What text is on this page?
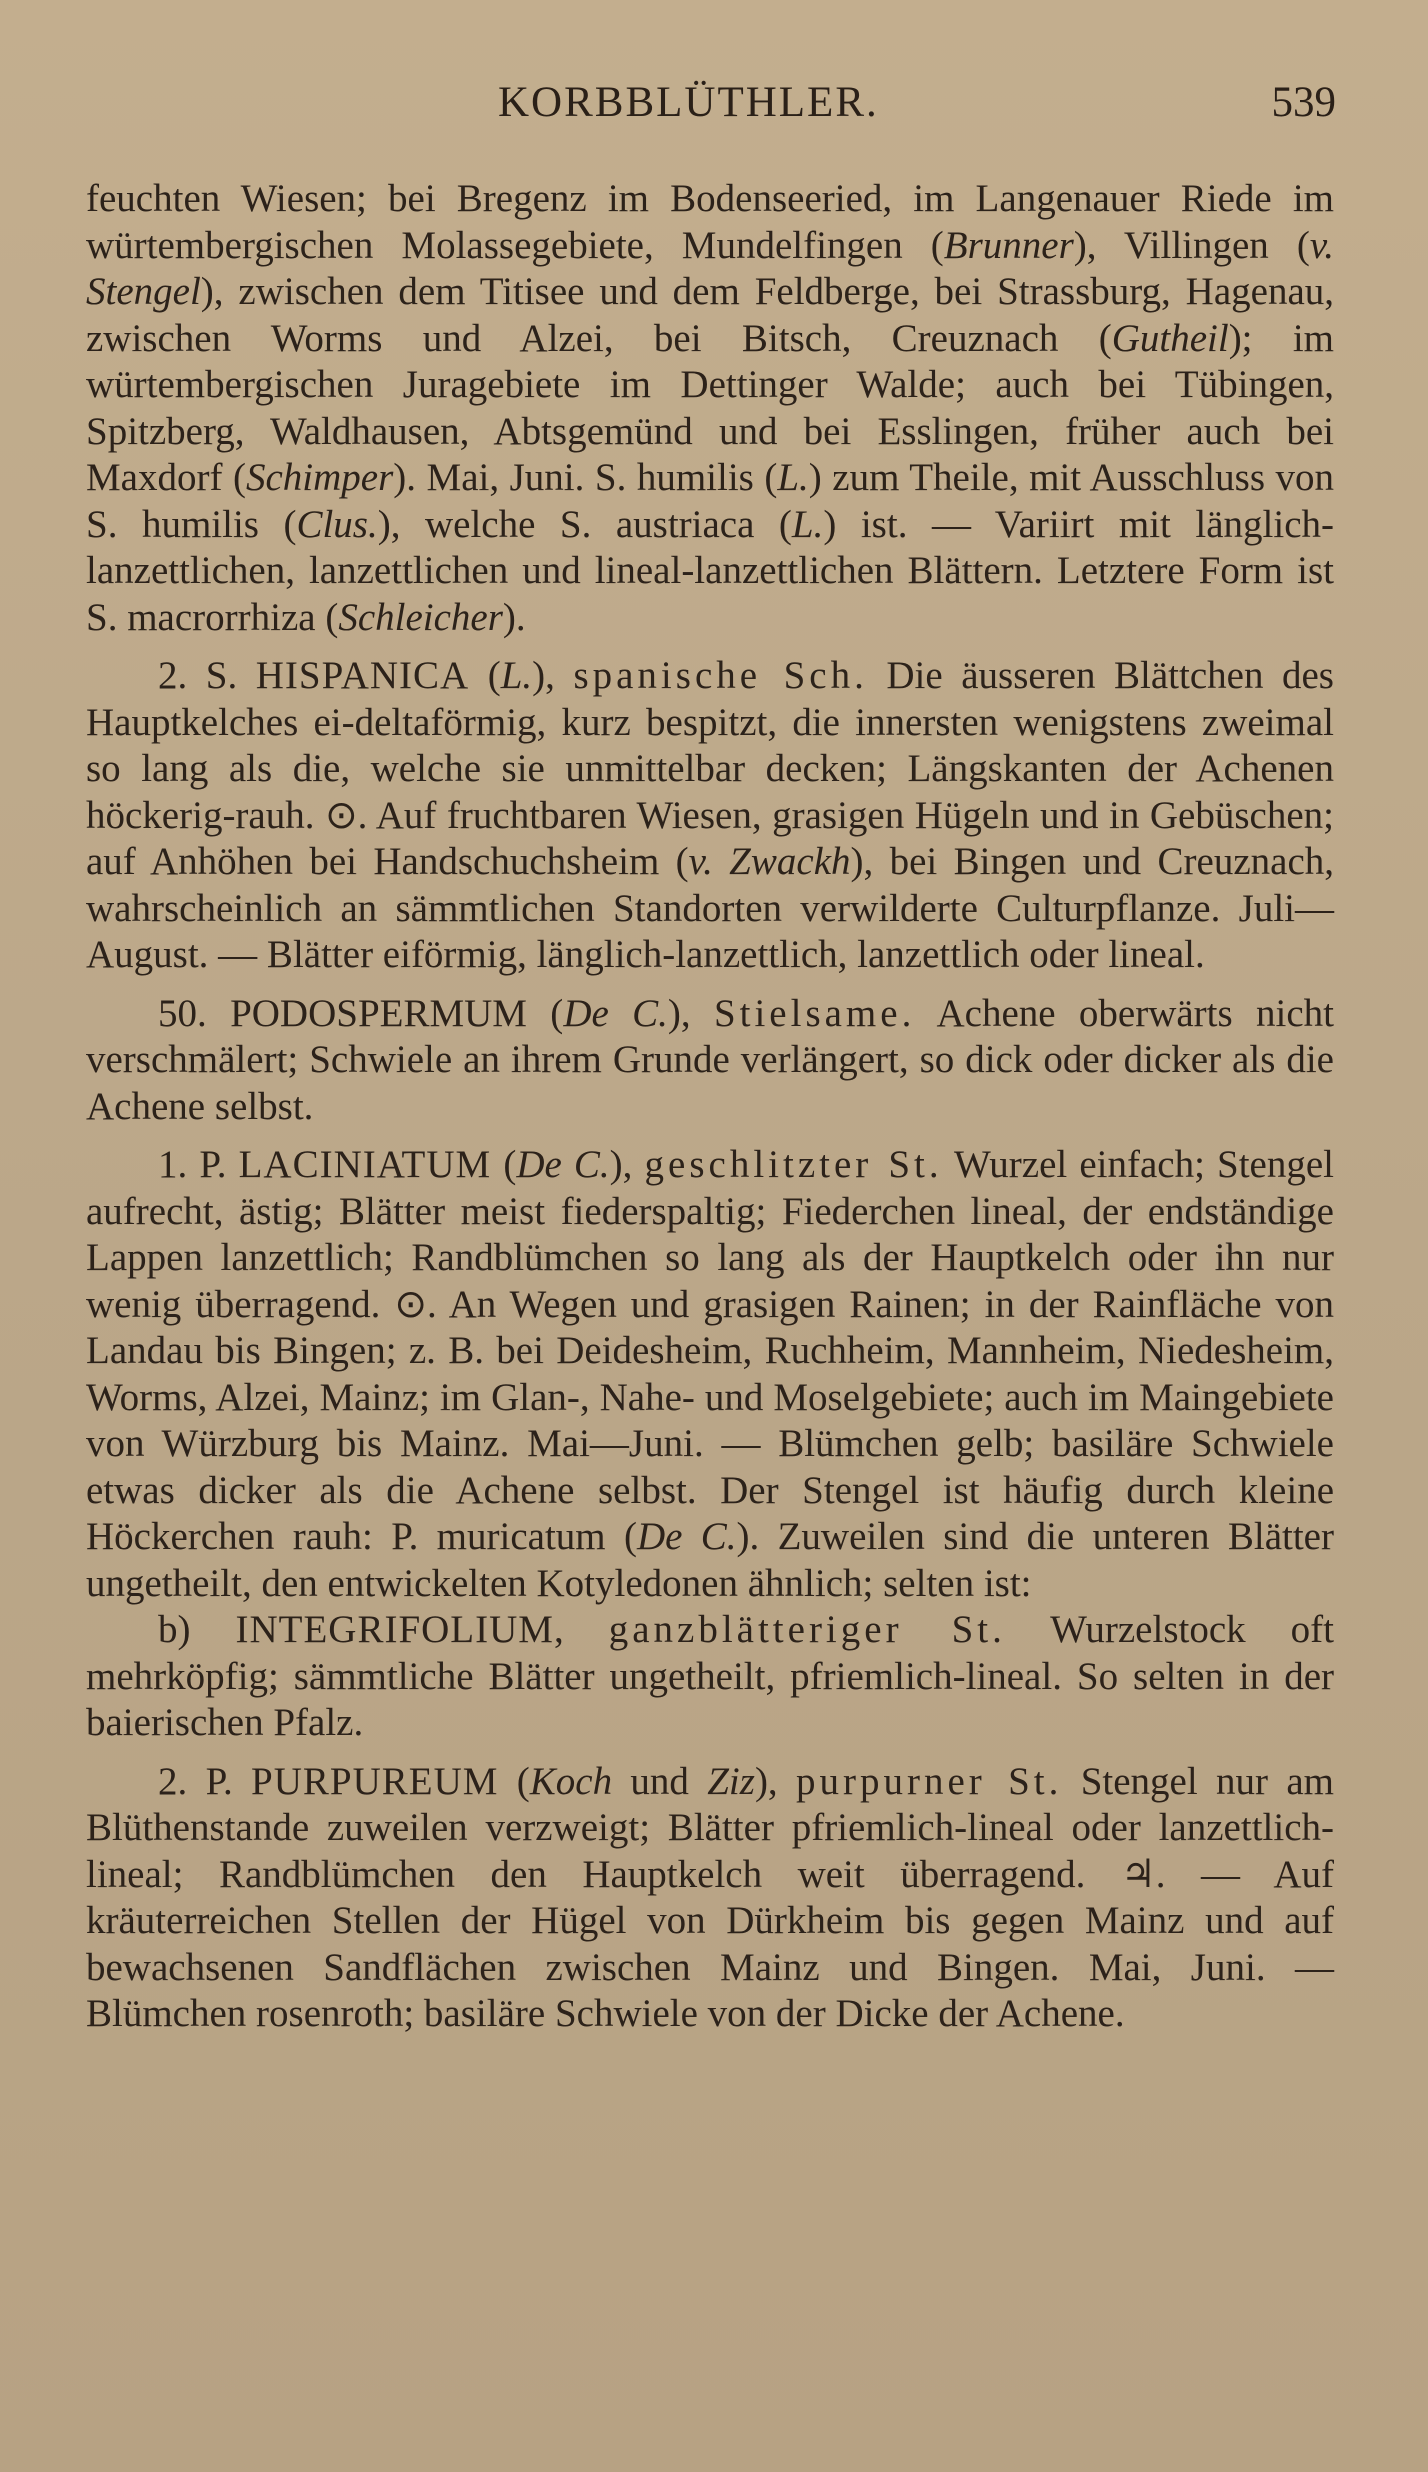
KORBBLÜTHLER.	539

feuchten Wiesen; bei Bregenz im Bodenseeried, im Langenauer Riede im würtembergischen Molassegebiete, Mundelfingen (Brunner), Villingen (v. Stengel), zwischen dem Titisee und dem Feldberge, bei Strassburg, Hagenau, zwischen Worms und Alzei, bei Bitsch, Creuznach (Gutheil); im würtembergischen Juragebiete im Dettinger Walde; auch bei Tübingen, Spitzberg, Waldhausen, Abtsgemünd und bei Esslingen, früher auch bei Maxdorf (Schimper). Mai, Juni. S. humilis (L.) zum Theile, mit Ausschluss von S. humilis (Clus.), welche S. austriaca (L.) ist. — Variirt mit länglich-lanzettlichen, lanzettlichen und lineal-lanzettlichen Blättern. Letztere Form ist S. macrorrhiza (Schleicher).

2. S. HISPANICA (L.), spanische Sch. Die äusseren Blättchen des Hauptkelches ei-deltaförmig, kurz bespitzt, die innersten wenigstens zweimal so lang als die, welche sie unmittelbar decken; Längskanten der Achenen höckerig-rauh. ⊙. Auf fruchtbaren Wiesen, grasigen Hügeln und in Gebüschen; auf Anhöhen bei Handschuchsheim (v. Zwackh), bei Bingen und Creuznach, wahrscheinlich an sämmtlichen Standorten verwilderte Culturpflanze. Juli—August. — Blätter eiförmig, länglich-lanzettlich, lanzettlich oder lineal.

50. PODOSPERMUM (De C.), Stielsame. Achene oberwärts nicht verschmälert; Schwiele an ihrem Grunde verlängert, so dick oder dicker als die Achene selbst.

1. P. LACINIATUM (De C.), geschlitzter St. Wurzel einfach; Stengel aufrecht, ästig; Blätter meist fiederspaltig; Fiederchen lineal, der endständige Lappen lanzettlich; Randblümchen so lang als der Hauptkelch oder ihn nur wenig überragend. ⊙. An Wegen und grasigen Rainen; in der Rainfläche von Landau bis Bingen; z. B. bei Deidesheim, Ruchheim, Mannheim, Niedesheim, Worms, Alzei, Mainz; im Glan-, Nahe- und Moselgebiete; auch im Maingebiete von Würzburg bis Mainz. Mai—Juni. — Blümchen gelb; basiläre Schwiele etwas dicker als die Achene selbst. Der Stengel ist häufig durch kleine Höckerchen rauh: P. muricatum (De C.). Zuweilen sind die unteren Blätter ungetheilt, den entwickelten Kotyledonen ähnlich; selten ist:

b) INTEGRIFOLIUM, ganzblätteriger St. Wurzelstock oft mehrköpfig; sämmtliche Blätter ungetheilt, pfriemlich-lineal. So selten in der baierischen Pfalz.

2. P. PURPUREUM (Koch und Ziz), purpurner St. Stengel nur am Blüthenstande zuweilen verzweigt; Blätter pfriemlich-lineal oder lanzettlich-lineal; Randblümchen den Hauptkelch weit überragend. ♃. — Auf kräuterreichen Stellen der Hügel von Dürkheim bis gegen Mainz und auf bewachsenen Sandflächen zwischen Mainz und Bingen. Mai, Juni. — Blümchen rosenroth; basiläre Schwiele von der Dicke der Achene.
